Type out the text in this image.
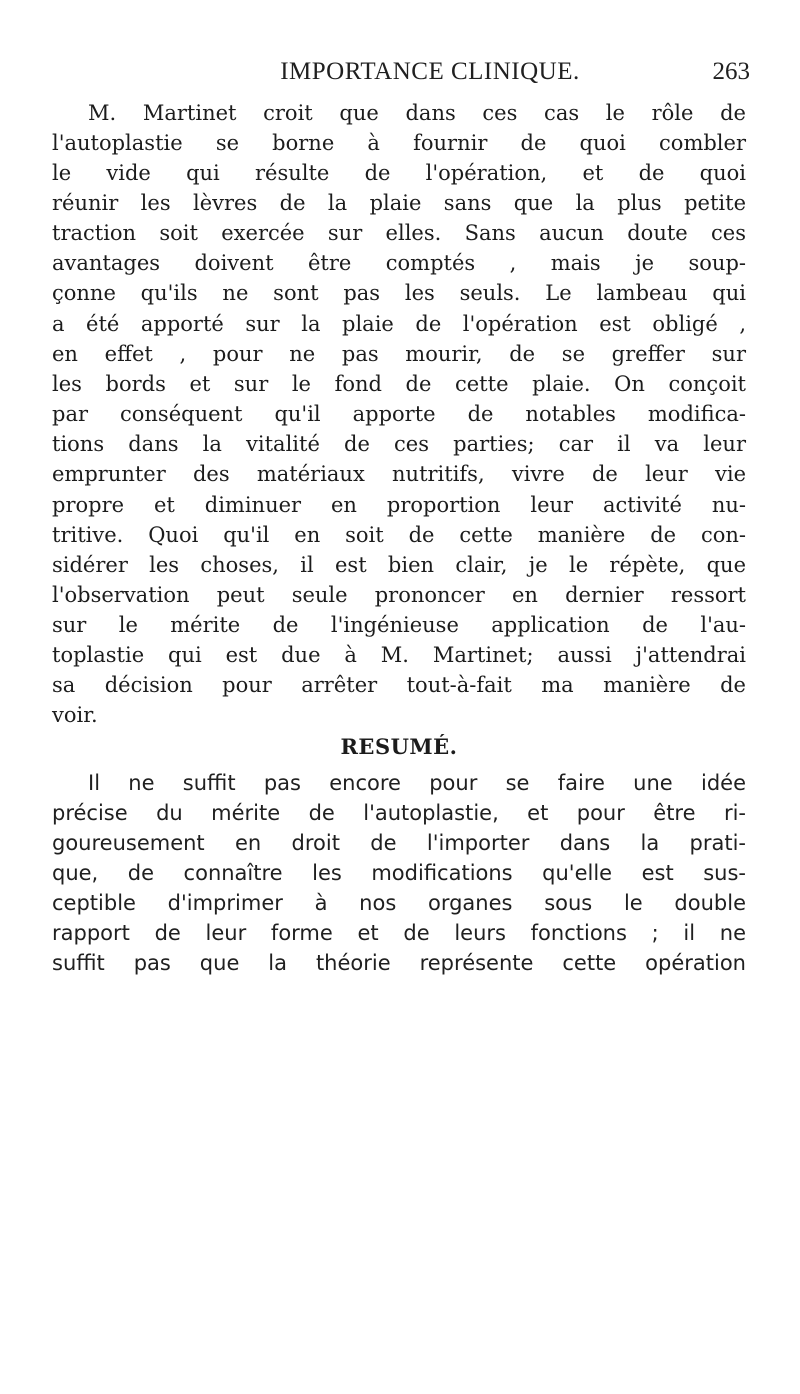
IMPORTANCE CLINIQUE.	263

M. Martinet croit que dans ces cas le rôle de

l'autoplastie se borne à fournir de quoi combler

le vide qui résulte de l'opération, et de quoi

réunir les lèvres de la plaie sans que la plus petite

traction soit exercée sur elles. Sans aucun doute ces

avantages doivent être comptés , mais je soup-

çonne qu'ils ne sont pas les seuls. Le lambeau qui

a été apporté sur la plaie de l'opération est obligé ,

en effet , pour ne pas mourir, de se greffer sur

les bords et sur le fond de cette plaie. On conçoit

par conséquent qu'il apporte de notables modifica-

tions dans la vitalité de ces parties; car il va leur

emprunter des matériaux nutritifs, vivre de leur vie

propre et diminuer en proportion leur activité nu-

tritive. Quoi qu'il en soit de cette manière de con-

sidérer les choses, il est bien clair, je le répète, que

l'observation peut seule prononcer en dernier ressort

sur le mérite de l'ingénieuse application de l'au-

toplastie qui est due à M. Martinet; aussi j'attendrai

sa décision pour arrêter tout-à-fait ma manière de

voir.

RESUMÉ.

Il ne suffit pas encore pour se faire une idée

précise du mérite de l'autoplastie, et pour être ri-

goureusement en droit de l'importer dans la prati-

que, de connaître les modifications qu'elle est sus-

ceptible d'imprimer à nos organes sous le double

rapport de leur forme et de leurs fonctions ; il ne

suffit pas que la théorie représente cette opération
